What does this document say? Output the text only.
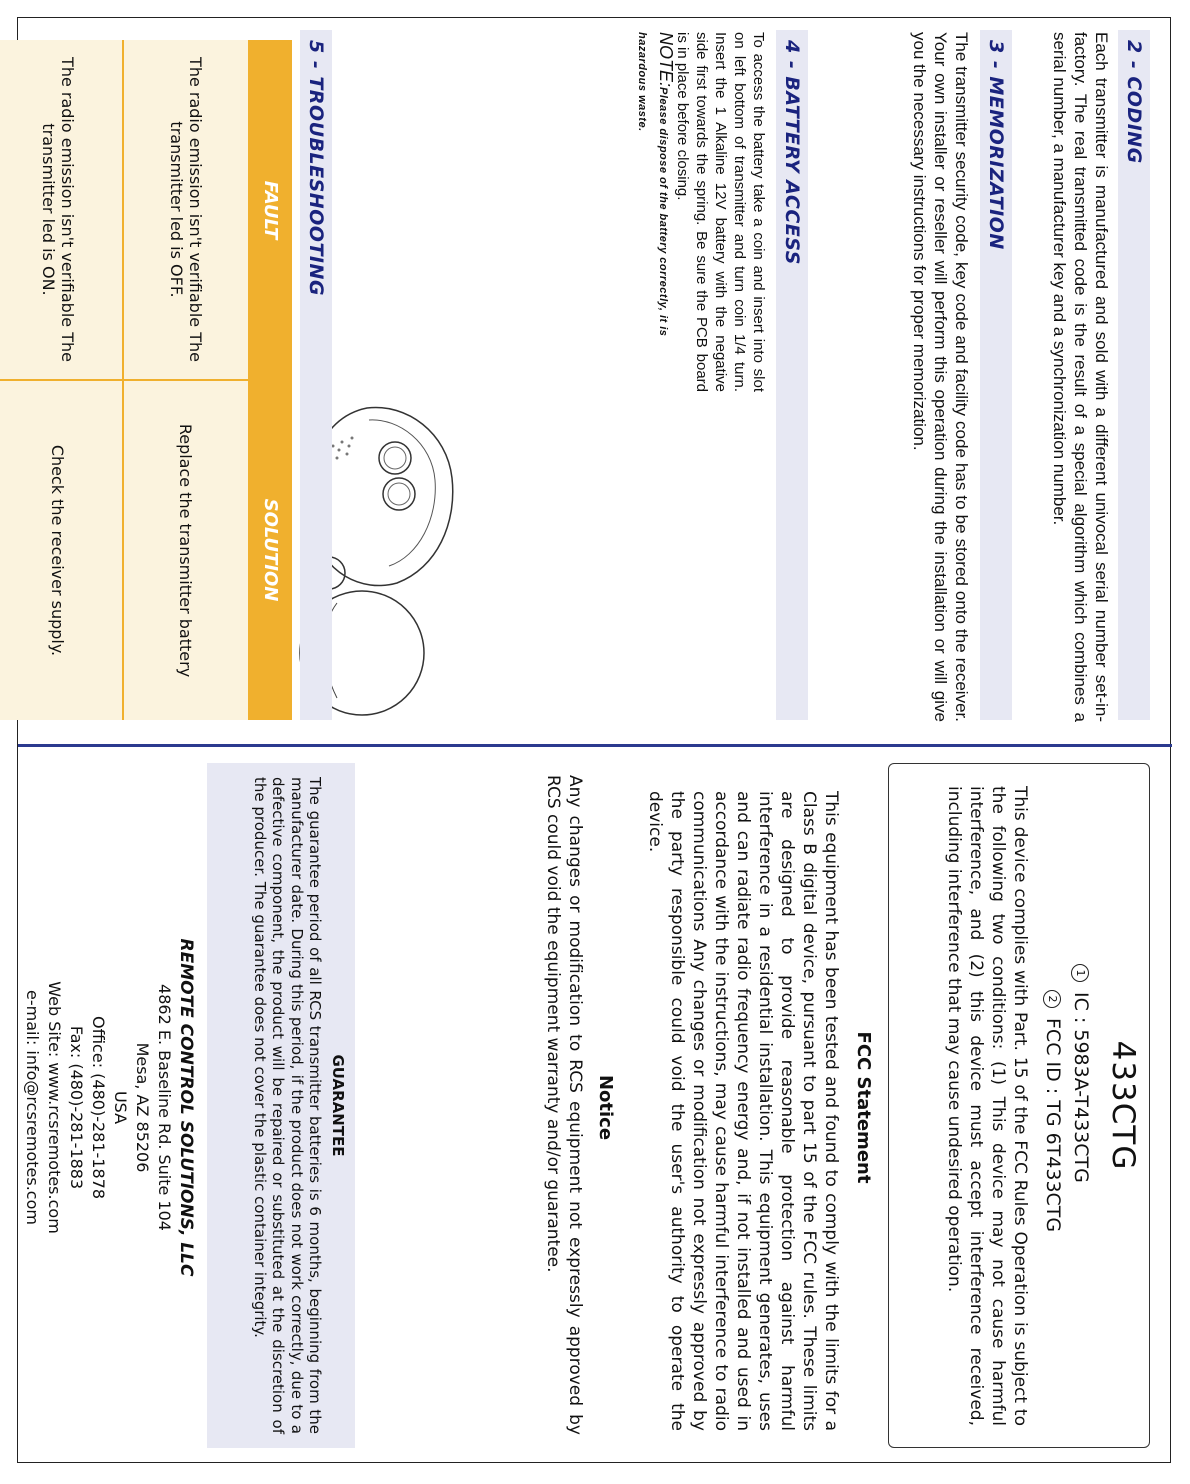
2 - CODING
Each transmitter is manufactured and sold with a different univocal serial number set-in-factory. The real transmitted code is the result of a special algorithm which combines a serial number, a manufacturer key and a synchronization number.
3 - MEMORIZATION
The transmitter security code, key code and facility code has to be stored onto the receiver. Your own installer or reseller will perform this operation during the installation or will give you the necessary instructions for proper memorization.
4 - BATTERY ACCESS
To access the battery take a coin and insert into slot on left bottom of transmitter and turn coin 1/4 turn. Insert the 1 Alkaline 12V battery with the negative side first towards the spring. Be sure the PCB board is in place before closing.
NOTE:Please dispose of the battery correctly, it is hazardous waste.
5 - TROUBLESHOOTING
FAULT
SOLUTION
The radio emission isn't verifiable The transmitter led is OFF.
Replace the transmitter battery
The radio emission isn't verifiable The transmitter led is ON.
Check the receiver supply.
433CTG
1IC : 5983A-T433CTG
2FCC ID : TG 6T433CTG
This device complies with Part. 15 of the FCC Rules Operation is subject to the following two conditions: (1) This device may not cause harmful interference, and (2) this device must accept interference received, including interference that may cause undesired operation.
FCC Statement
This equipment has been tested and found to comply with the limits for a Class B digital device, pursuant to part 15 of the FCC rules. These limits are designed to provide reasonable protection against harmful interference in a residential installation. This equipment generates, uses and can radiate radio frequency energy and, if not installed and used in accordance with the instructions, may cause harmful interference to radio communications Any changes or modification not expressly approved by the party responsible could void the user's authority to operate the device.
Notice
Any changes or modification to RCS equipment not expressly approved by RCS could void the equipment warranty and/or guarantee.
GUARANTEE
The guarantee period of all RCS transmitter batteries is 6 months, beginning from the manufacturer date. During this period, if the product does not work correctly, due to a defective component, the product will be repaired or substituted at the discretion of the producer. The guarantee does not cover the plastic container integrity.
REMOTE CONTROL SOLUTIONS, LLC
4862 E. Baseline Rd. Suite 104
Mesa, AZ 85206
USA
Office: (480)-281-1878
Fax: (480)-281-1883
Web Site: www.rcsremotes.com
e-mail: info@rcsremotes.com
